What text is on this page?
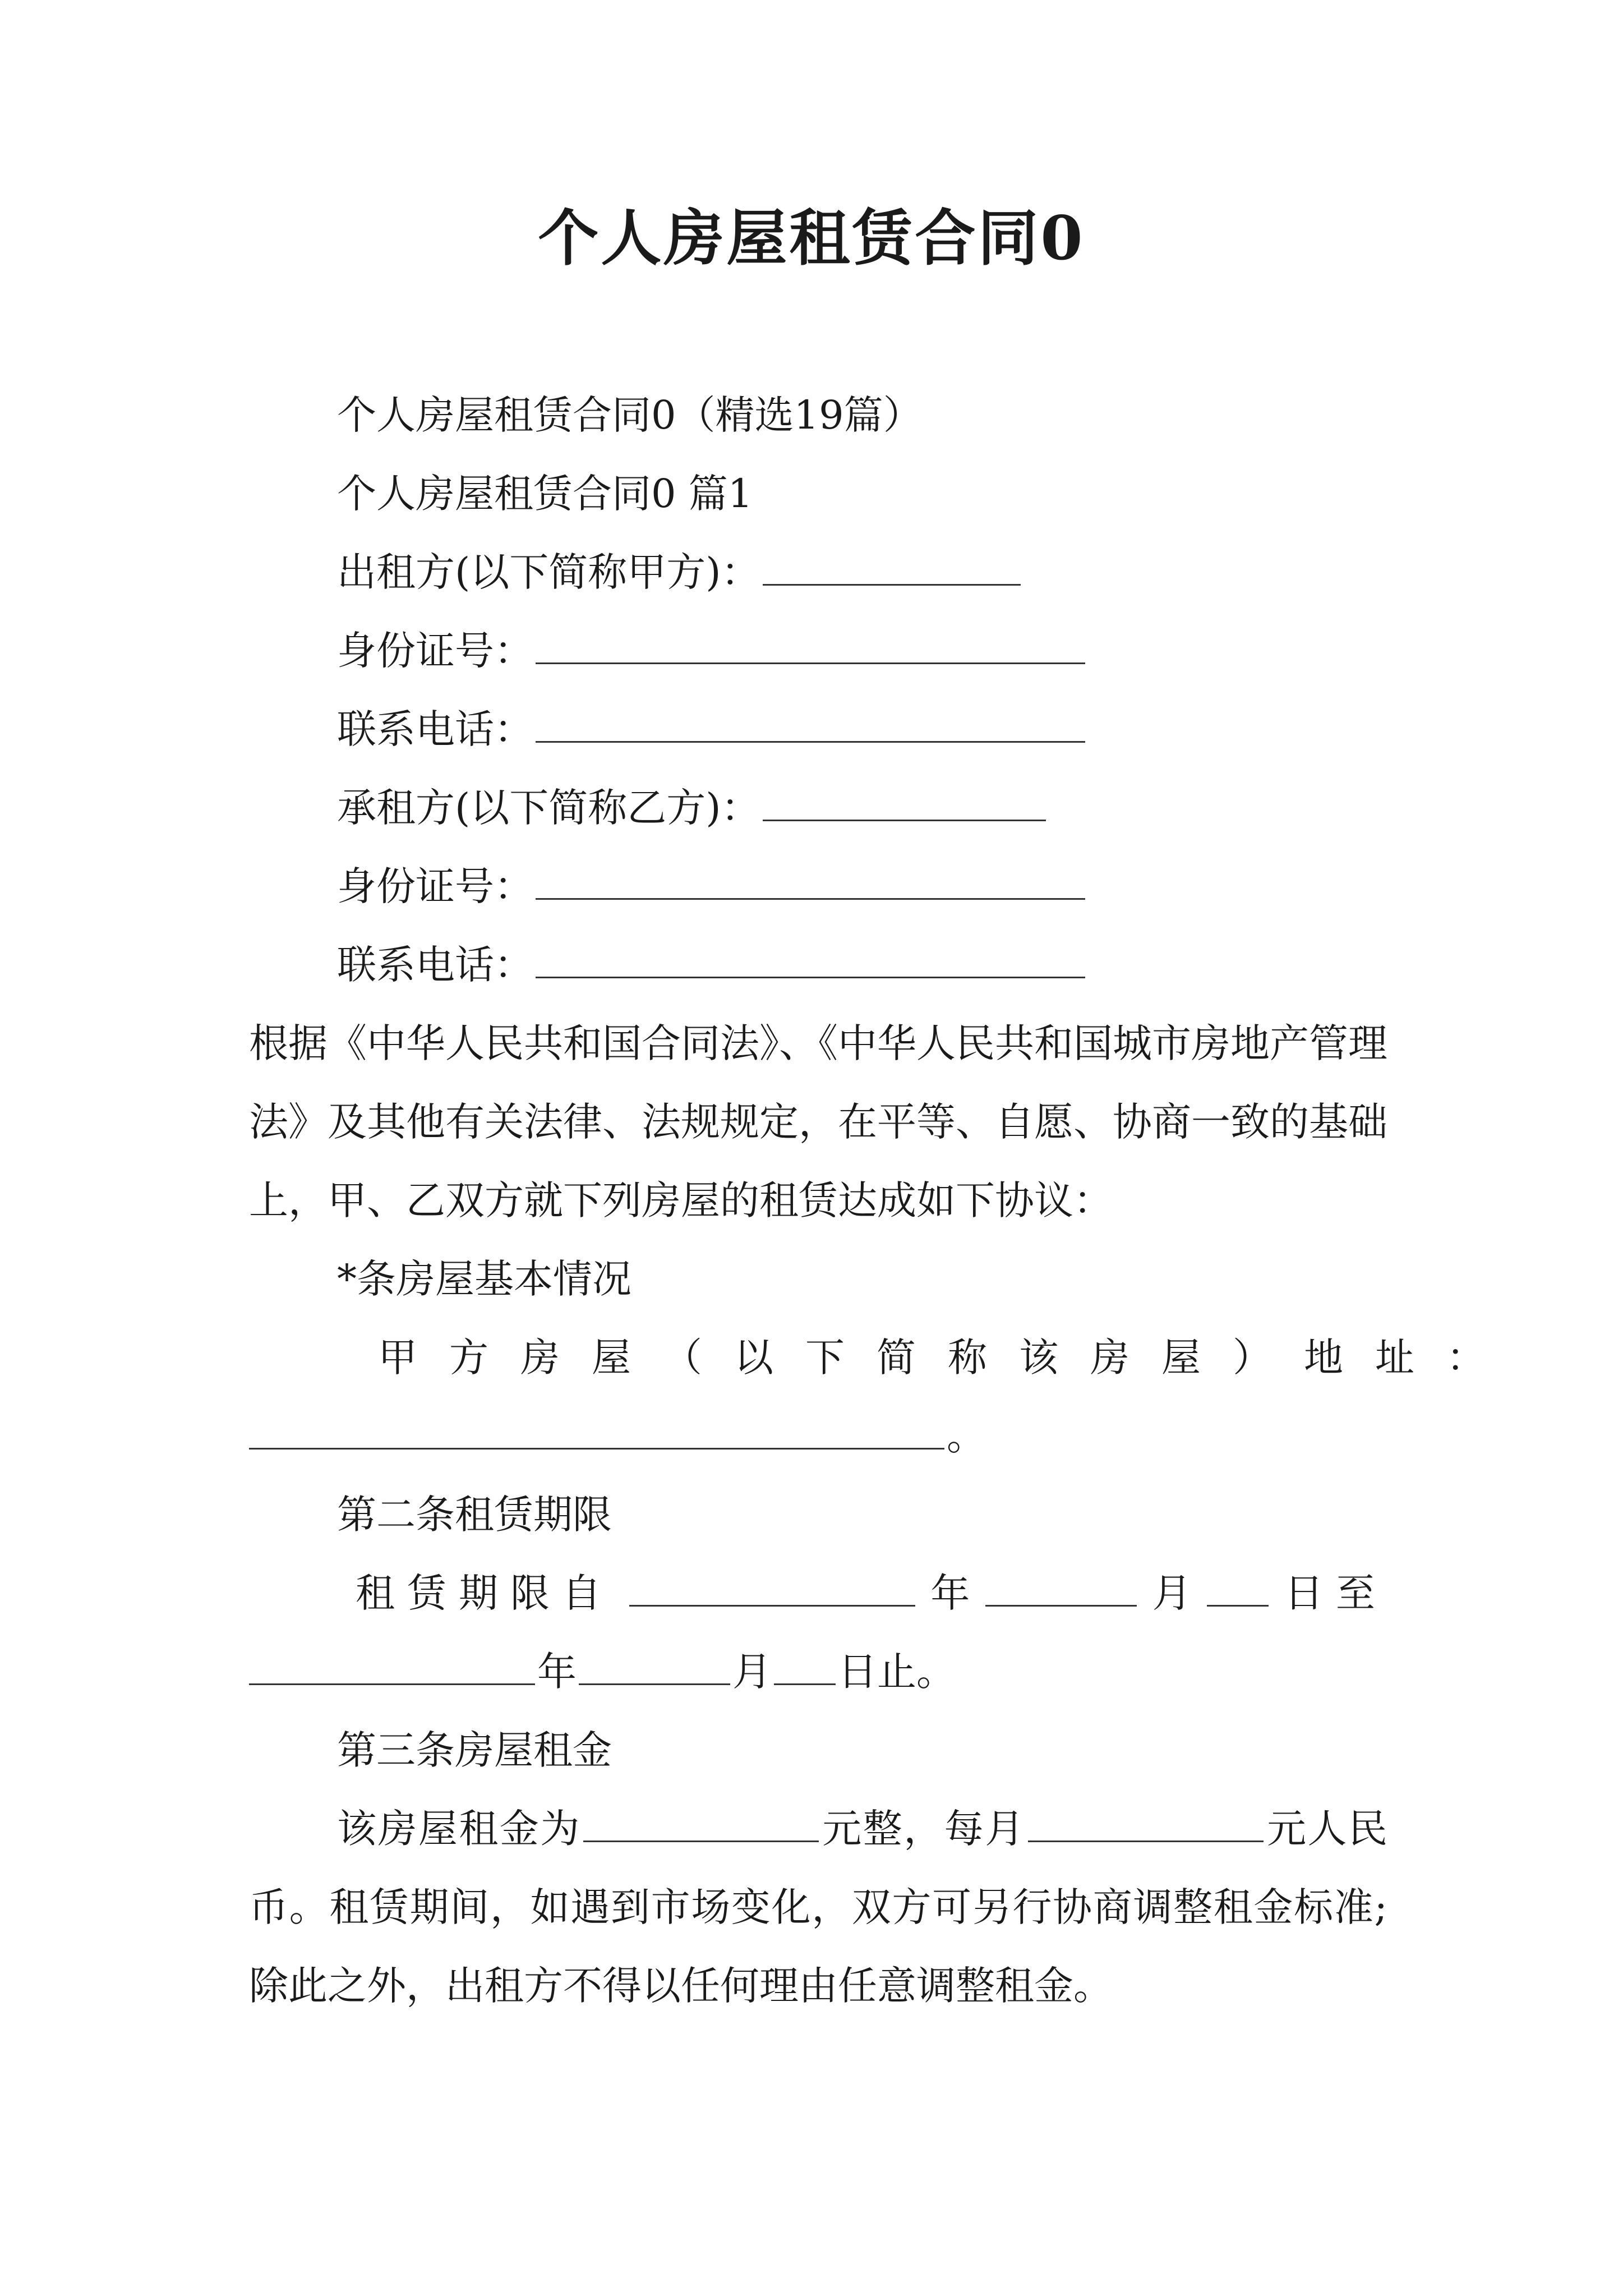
个人房屋租赁合同0

个人房屋租赁合同0（精选19篇）

个人房屋租赁合同0 篇1

出租方(以下简称甲方)：

身份证号：

联系电话：

承租方(以下简称乙方)：

身份证号：

联系电话：

根据《中华人民共和国合同法》、《中华人民共和国城市房地产管理法》及其他有关法律、法规规定，在平等、自愿、协商一致的基础上，甲、乙双方就下列房屋的租赁达成如下协议：

*条房屋基本情况

甲方房屋（以下简称该房屋）地址：

。

第二条租赁期限

租赁期限自	年	月 日至

年	月 日止。

第三条房屋租金

该房屋租金为	元整，每月	元人民币。租赁期间，如遇到市场变化，双方可另行协商调整租金标准;除此之外，出租方不得以任何理由任意调整租金。
